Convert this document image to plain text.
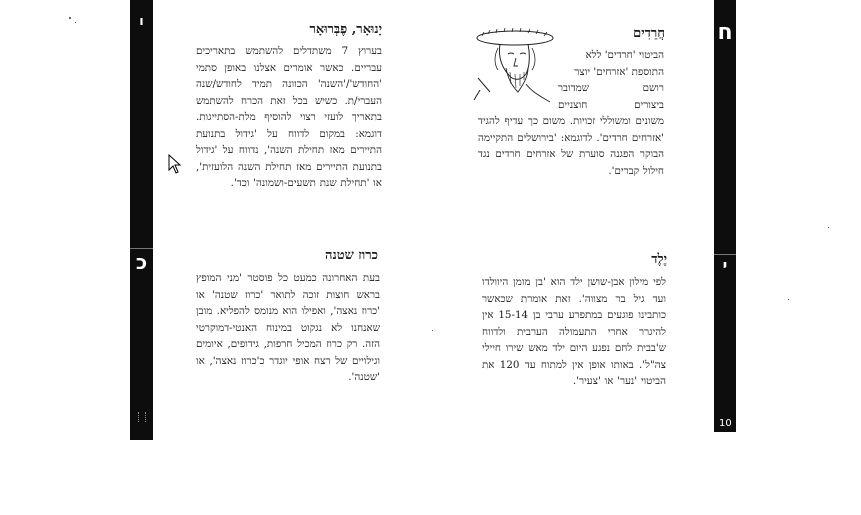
ו
כ
ח
י
10
יָנוּאָר, פֶבְּרוּאָר
בערוץ 7 משתדלים להשתמש בתאריכים עבריים. כאשר אומרים אצלנו באופן סתמי 'החודש'/'השנה' הכוונה תמיד לחודש/שנה העברי/ת. כשיש בכל זאת הכרח להשתמש בתאריך לועזי רצוי להוסיף מלת-הסתייגות. דוגמא: במקום לדווח על 'גידול בתנועת התיירים מאז תחילת השנה', נדווח על 'גידול בתנועת התיירים מאז תחילת השנה הלועזית', או 'תחילת שנת תשעים-ושמונה' וכד'.
כרוז שטנה
בעת האחרונה כמעט כל פוסטר 'מני המופץ בראש חוצות זוכה לתואר 'כרוז שטנה' או 'כרוז נאצה', ואפילו הוא מנומס להפליא. מובן שאנחנו לא נגקוט במינוח האנטי-דמוקרטי הזה. רק כרוז המכיל חרפות, גידופים, איומים וגילויים של רצח אופי יוגדר כ'כרוז נאצה', או 'שטנה'.
חֲרֵדִים
הביטוי 'חרדים' ללא
התוספת 'אזרחים' יוצר
רושם שמדובר
ביצורים חוצניים
משונים ומשוללי זכויות. משום כך עדיף להגיד 'אזרחים חרדים'. לדוגמא: 'בירושלים התקיימה הבוקר הפגנה סוערת של אזרחים חרדים נגד חילול קברים'.
יֶלֶד
לפי מילון אבן-שושן ילד הוא 'בן מומן היוולדו ועד גיל בר מצווה'. זאת אומרת שכאשר כותבינו פוגעים במתפרע ערבי בן 15-14 אין להיגרר אחרי התעמולה הערבית ולדווח ש'בבית לחם נפגע היום ילד מאש שירו חיילי צה"ל'. באותו אופן אין למתוח עד 120 את הביטוי 'נער' או 'צעיר'.
